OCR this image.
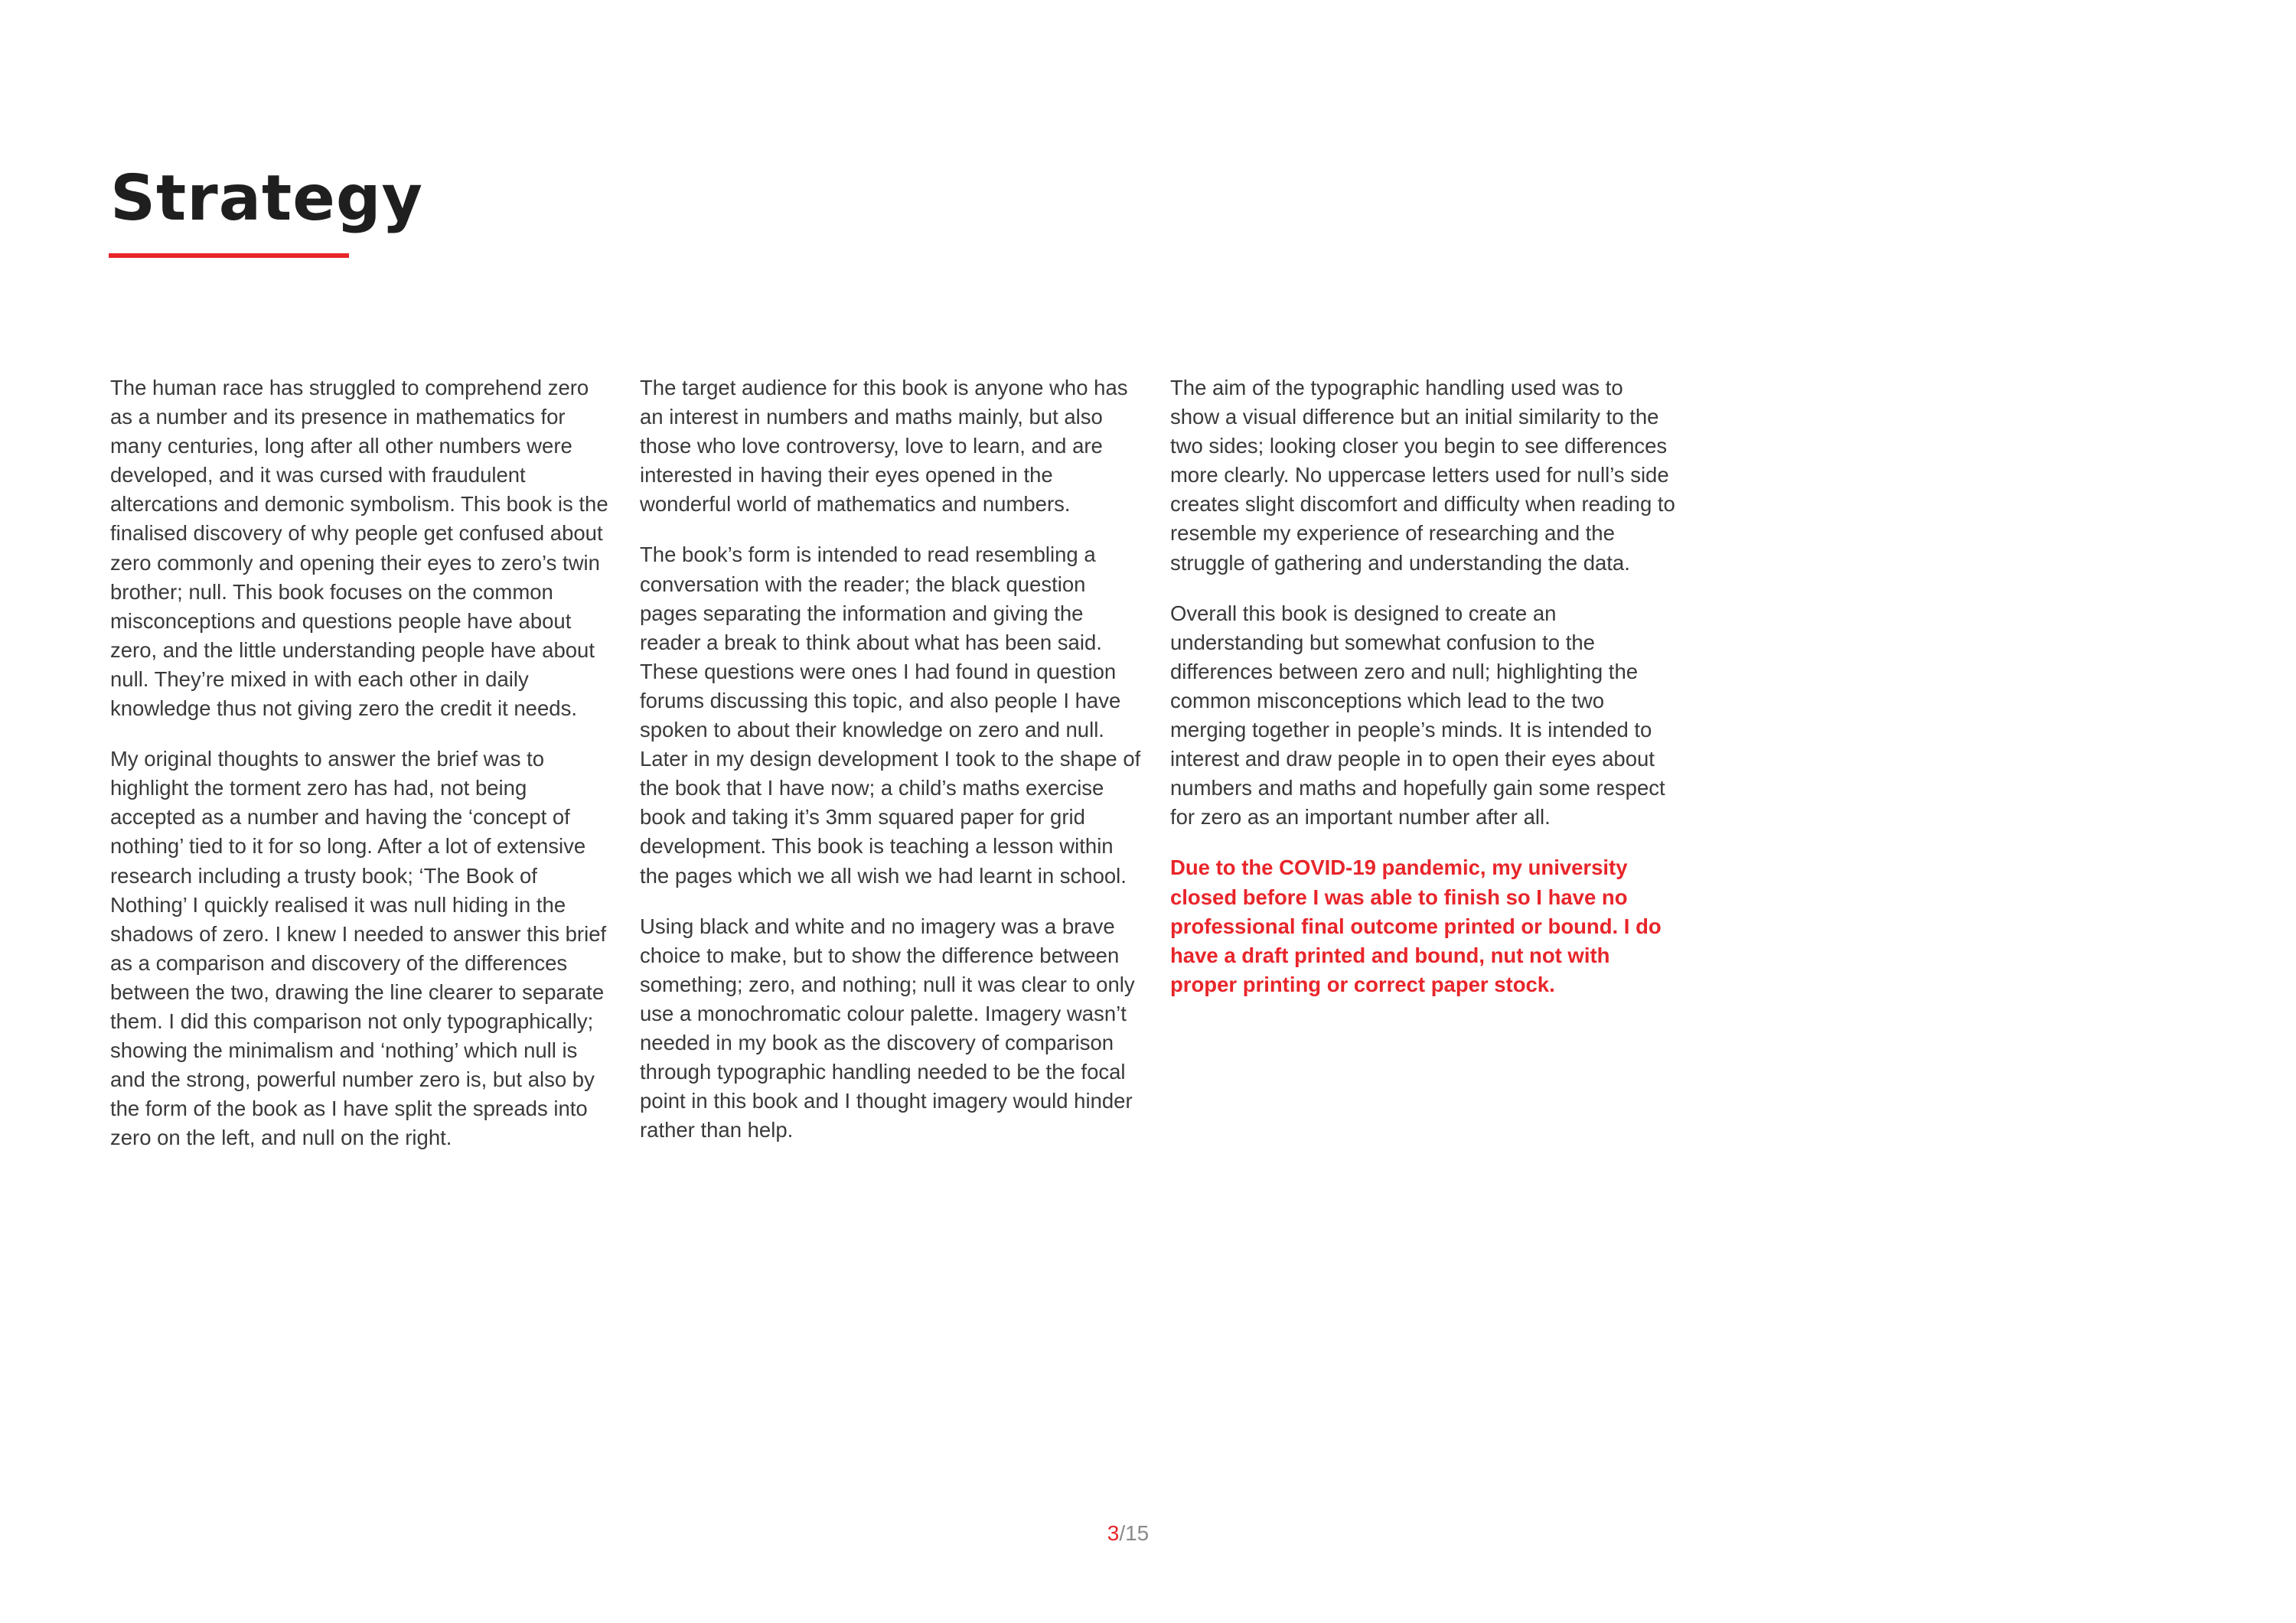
Strategy

The human race has struggled to comprehend zero as a number and its presence in mathematics for many centuries, long after all other numbers were developed, and it was cursed with fraudulent altercations and demonic symbolism. This book is the finalised discovery of why people get confused about zero commonly and opening their eyes to zero’s twin brother; null. This book focuses on the common misconceptions and questions people have about zero, and the little understanding people have about null. They’re mixed in with each other in daily knowledge thus not giving zero the credit it needs.

My original thoughts to answer the brief was to highlight the torment zero has had, not being accepted as a number and having the ‘concept of nothing’ tied to it for so long. After a lot of extensive research including a trusty book; ‘The Book of Nothing’ I quickly realised it was null hiding in the shadows of zero. I knew I needed to answer this brief as a comparison and discovery of the differences between the two, drawing the line clearer to separate them. I did this comparison not only typographically; showing the minimalism and ‘nothing’ which null is and the strong, powerful number zero is, but also by the form of the book as I have split the spreads into zero on the left, and null on the right.

The target audience for this book is anyone who has an interest in numbers and maths mainly, but also those who love controversy, love to learn, and are interested in having their eyes opened in the wonderful world of mathematics and numbers.

The book’s form is intended to read resembling a conversation with the reader; the black question pages separating the information and giving the reader a break to think about what has been said. These questions were ones I had found in question forums discussing this topic, and also people I have spoken to about their knowledge on zero and null. Later in my design development I took to the shape of the book that I have now; a child’s maths exercise book and taking it’s 3mm squared paper for grid development. This book is teaching a lesson within the pages which we all wish we had learnt in school.

Using black and white and no imagery was a brave choice to make, but to show the difference between something; zero, and nothing; null it was clear to only use a monochromatic colour palette. Imagery wasn’t needed in my book as the discovery of comparison through typographic handling needed to be the focal point in this book and I thought imagery would hinder rather than help.

The aim of the typographic handling used was to show a visual difference but an initial similarity to the two sides; looking closer you begin to see differences more clearly. No uppercase letters used for null’s side creates slight discomfort and difficulty when reading to resemble my experience of researching and the struggle of gathering and understanding the data.

Overall this book is designed to create an understanding but somewhat confusion to the differences between zero and null; highlighting the common misconceptions which lead to the two merging together in people’s minds. It is intended to interest and draw people in to open their eyes about numbers and maths and hopefully gain some respect for zero as an important number after all.

Due to the COVID-19 pandemic, my university closed before I was able to finish so I have no professional final outcome printed or bound. I do have a draft printed and bound, nut not with proper printing or correct paper stock.

3/15
